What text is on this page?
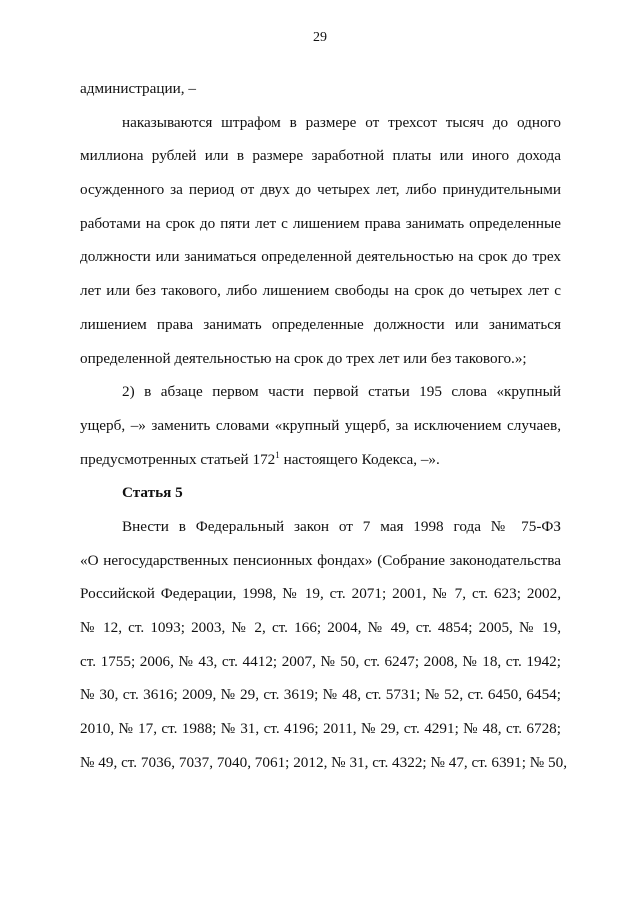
29
администрации, –
наказываются штрафом в размере от трехсот тысяч до одного
миллиона рублей или в размере заработной платы или иного дохода
осужденного за период от двух до четырех лет, либо принудительными
работами на срок до пяти лет с лишением права занимать определенные
должности или заниматься определенной деятельностью на срок до трех
лет или без такового, либо лишением свободы на срок до четырех лет с
лишением права занимать определенные должности или заниматься
определенной деятельностью на срок до трех лет или без такового.»;
2) в абзаце первом части первой статьи 195 слова «крупный
ущерб, –» заменить словами «крупный ущерб, за исключением случаев,
предусмотренных статьей $172^1$ настоящего Кодекса, –».
Статья 5
Внести в Федеральный закон от 7 мая 1998 года № 75-ФЗ
«О негосударственных пенсионных фондах» (Собрание законодательства
Российской Федерации, 1998, № 19, ст. 2071; 2001, № 7, ст. 623; 2002,
№ 12, ст. 1093; 2003, № 2, ст. 166; 2004, № 49, ст. 4854; 2005, № 19,
ст. 1755; 2006, № 43, ст. 4412; 2007, № 50, ст. 6247; 2008, № 18, ст. 1942;
№ 30, ст. 3616; 2009, № 29, ст. 3619; № 48, ст. 5731; № 52, ст. 6450, 6454;
2010, № 17, ст. 1988; № 31, ст. 4196; 2011, № 29, ст. 4291; № 48, ст. 6728;
№ 49, ст. 7036, 7037, 7040, 7061; 2012, № 31, ст. 4322; № 47, ст. 6391; № 50,
